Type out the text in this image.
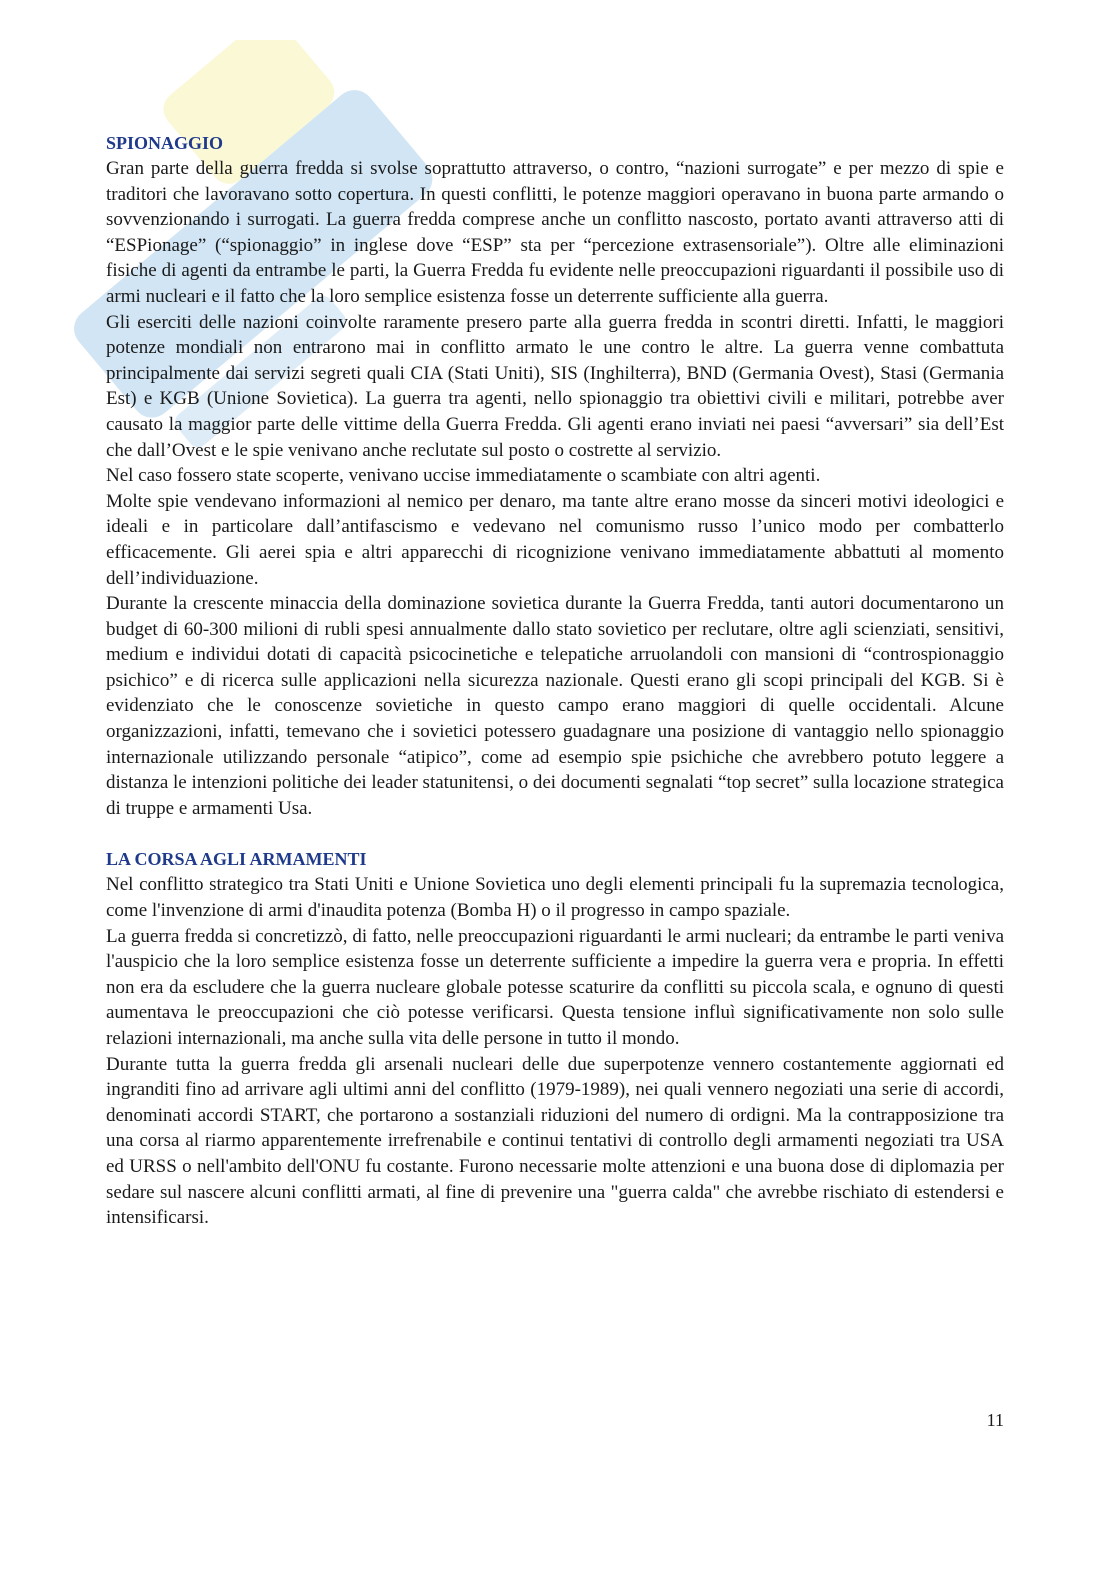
SPIONAGGIO

Gran parte della guerra fredda si svolse soprattutto attraverso, o contro, “nazioni surrogate” e per mezzo di spie e traditori che lavoravano sotto copertura. In questi conflitti, le potenze maggiori operavano in buona parte armando o sovvenzionando i surrogati. La guerra fredda comprese anche un conflitto nascosto, portato avanti attraverso atti di “ESPionage” (“spionaggio” in inglese dove “ESP” sta per “percezione extrasensoriale”). Oltre alle eliminazioni fisiche di agenti da entrambe le parti, la Guerra Fredda fu evidente nelle preoccupazioni riguardanti il possibile uso di armi nucleari e il fatto che la loro semplice esistenza fosse un deterrente sufficiente alla guerra.

Gli eserciti delle nazioni coinvolte raramente presero parte alla guerra fredda in scontri diretti. Infatti, le maggiori potenze mondiali non entrarono mai in conflitto armato le une contro le altre. La guerra venne combattuta principalmente dai servizi segreti quali CIA (Stati Uniti), SIS (Inghilterra), BND (Germania Ovest), Stasi (Germania Est) e KGB (Unione Sovietica). La guerra tra agenti, nello spionaggio tra obiettivi civili e militari, potrebbe aver causato la maggior parte delle vittime della Guerra Fredda. Gli agenti erano inviati nei paesi “avversari” sia dell’Est che dall’Ovest e le spie venivano anche reclutate sul posto o costrette al servizio.

Nel caso fossero state scoperte, venivano uccise immediatamente o scambiate con altri agenti.

Molte spie vendevano informazioni al nemico per denaro, ma tante altre erano mosse da sinceri motivi ideologici e ideali e in particolare dall’antifascismo e vedevano nel comunismo russo l’unico modo per combatterlo efficacemente. Gli aerei spia e altri apparecchi di ricognizione venivano immediatamente abbattuti al momento dell’individuazione.

Durante la crescente minaccia della dominazione sovietica durante la Guerra Fredda, tanti autori documentarono un budget di 60-300 milioni di rubli spesi annualmente dallo stato sovietico per reclutare, oltre agli scienziati, sensitivi, medium e individui dotati di capacità psicocinetiche e telepatiche arruolandoli con mansioni di “controspionaggio psichico” e di ricerca sulle applicazioni nella sicurezza nazionale. Questi erano gli scopi principali del KGB. Si è evidenziato che le conoscenze sovietiche in questo campo erano maggiori di quelle occidentali. Alcune organizzazioni, infatti, temevano che i sovietici potessero guadagnare una posizione di vantaggio nello spionaggio internazionale utilizzando personale “atipico”, come ad esempio spie psichiche che avrebbero potuto leggere a distanza le intenzioni politiche dei leader statunitensi, o dei documenti segnalati “top secret” sulla locazione strategica di truppe e armamenti Usa.

LA CORSA AGLI ARMAMENTI

Nel conflitto strategico tra Stati Uniti e Unione Sovietica uno degli elementi principali fu la supremazia tecnologica, come l'invenzione di armi d'inaudita potenza (Bomba H) o il progresso in campo spaziale.

La guerra fredda si concretizzò, di fatto, nelle preoccupazioni riguardanti le armi nucleari; da entrambe le parti veniva l'auspicio che la loro semplice esistenza fosse un deterrente sufficiente a impedire la guerra vera e propria. In effetti non era da escludere che la guerra nucleare globale potesse scaturire da conflitti su piccola scala, e ognuno di questi aumentava le preoccupazioni che ciò potesse verificarsi. Questa tensione influì significativamente non solo sulle relazioni internazionali, ma anche sulla vita delle persone in tutto il mondo.

Durante tutta la guerra fredda gli arsenali nucleari delle due superpotenze vennero costantemente aggiornati ed ingranditi fino ad arrivare agli ultimi anni del conflitto (1979-1989), nei quali vennero negoziati una serie di accordi, denominati accordi START, che portarono a sostanziali riduzioni del numero di ordigni. Ma la contrapposizione tra una corsa al riarmo apparentemente irrefrenabile e continui tentativi di controllo degli armamenti negoziati tra USA ed URSS o nell'ambito dell'ONU fu costante. Furono necessarie molte attenzioni e una buona dose di diplomazia per sedare sul nascere alcuni conflitti armati, al fine di prevenire una "guerra calda" che avrebbe rischiato di estendersi e intensificarsi.

11
